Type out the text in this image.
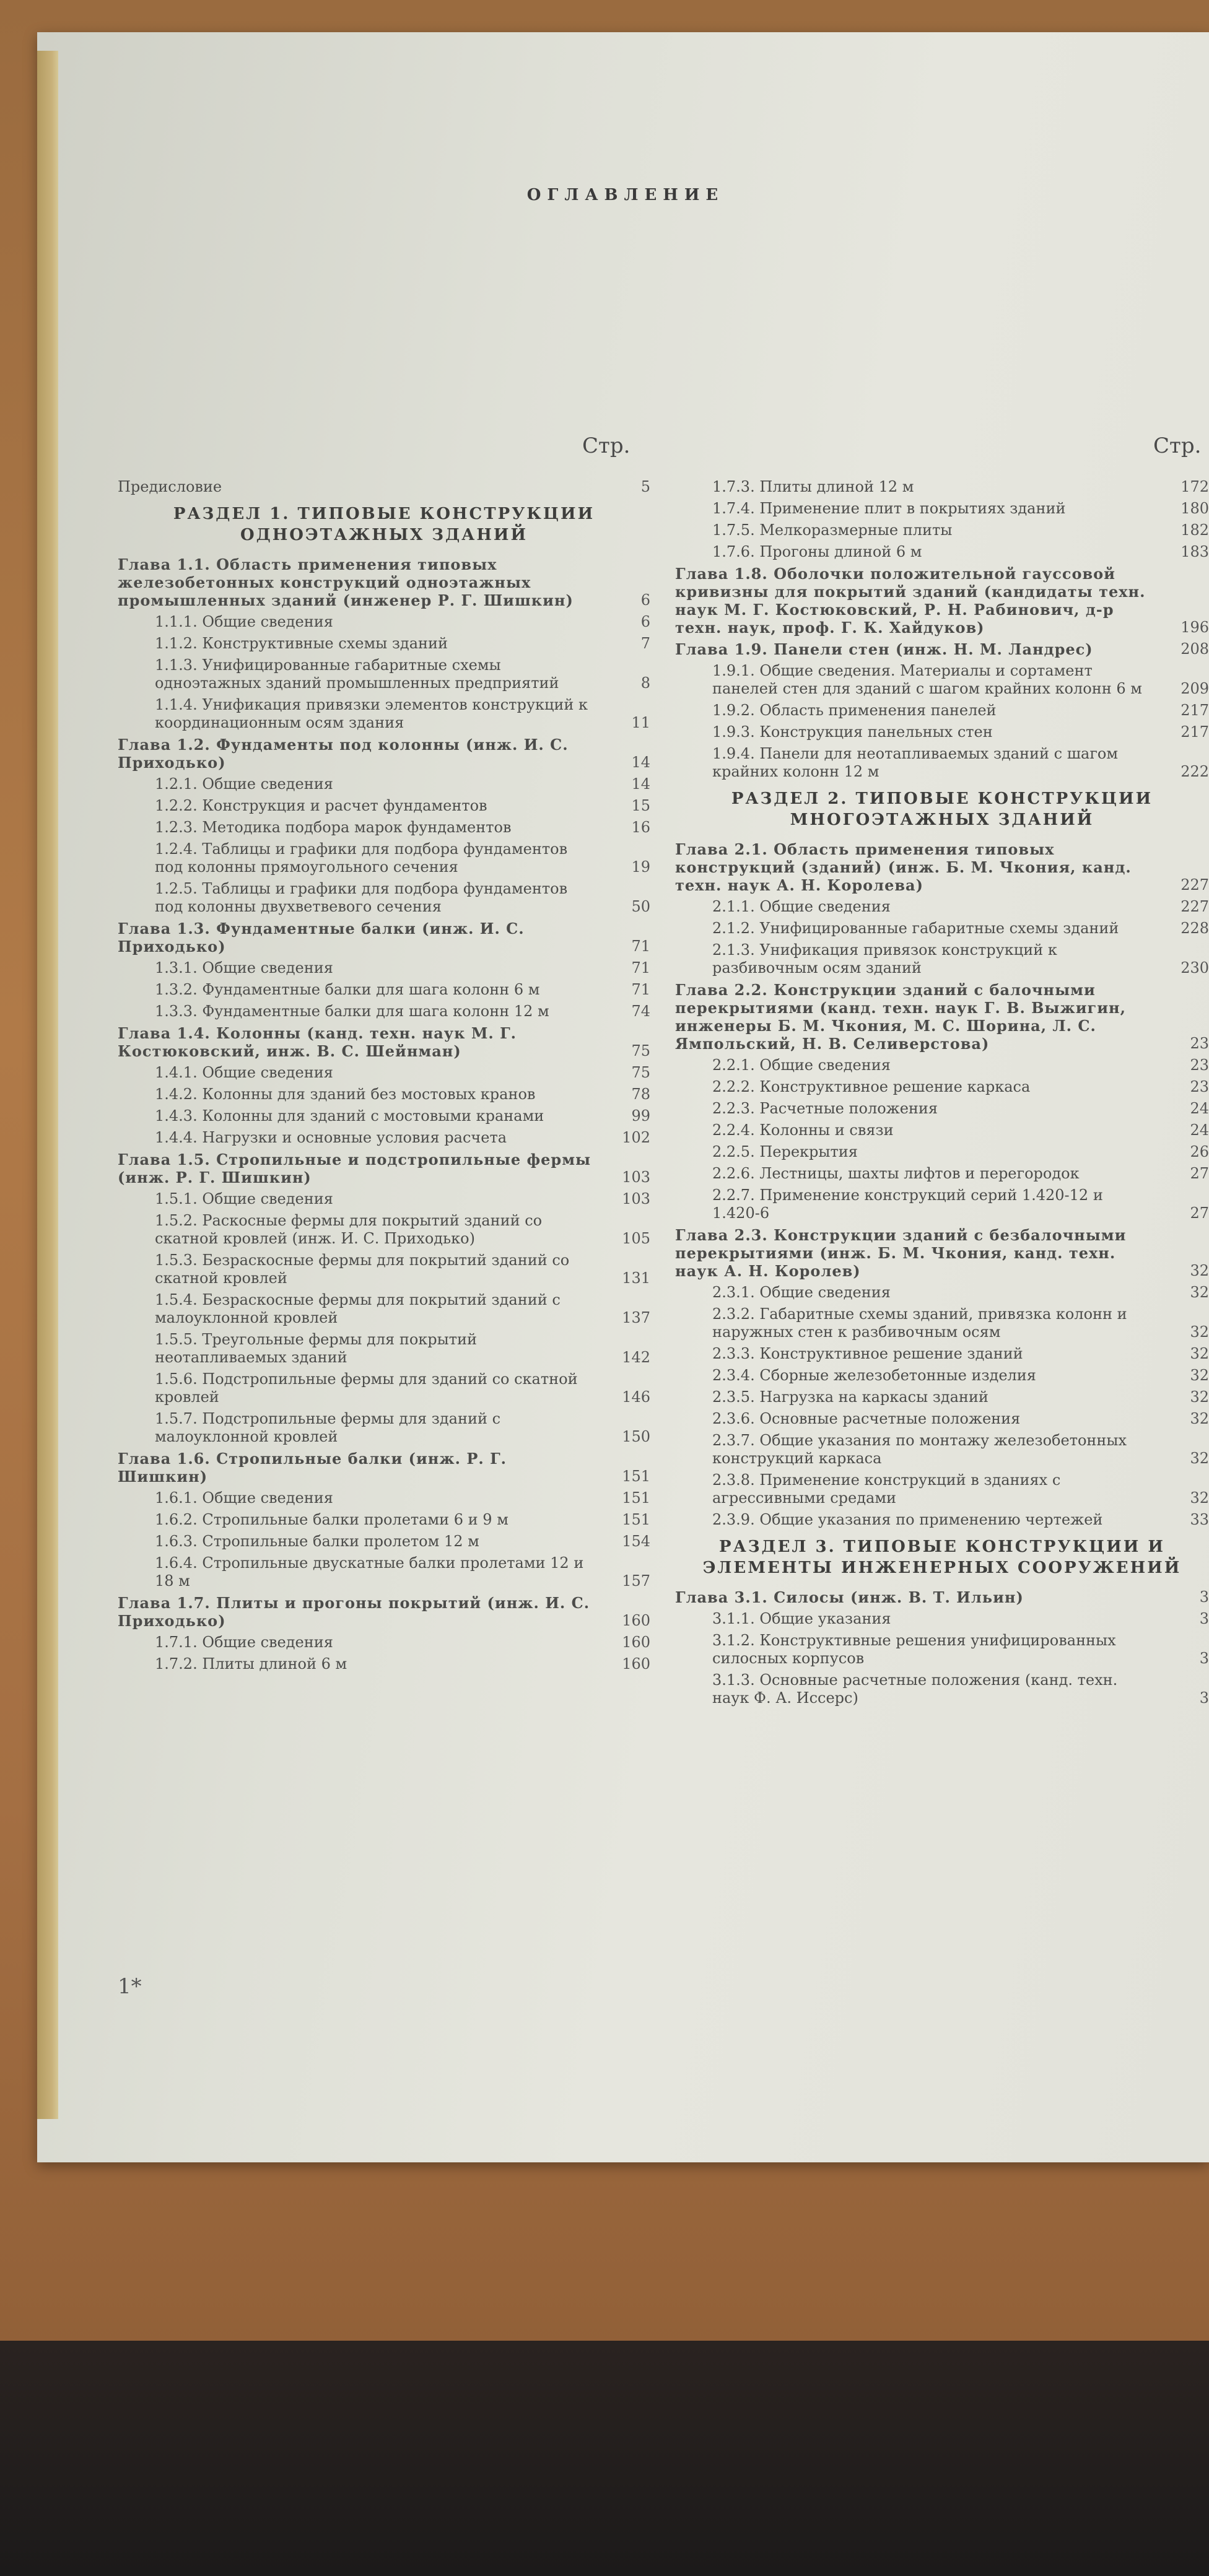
ОГЛАВЛЕНИЕ
Стр.	Стр.
Предисловие	5
РАЗДЕЛ 1. ТИПОВЫЕ КОНСТРУКЦИИ ОДНОЭТАЖНЫХ ЗДАНИЙ
Глава 1.1. Область применения типовых железобетонных конструкций одноэтажных промышленных зданий (инженер Р. Г. Шишкин)	6
1.1.1. Общие сведения	6
1.1.2. Конструктивные схемы зданий	7
1.1.3. Унифицированные габаритные схемы одноэтажных зданий промышленных предприятий	8
1.1.4. Унификация привязки элементов конструкций к координационным осям здания	11
Глава 1.2. Фундаменты под колонны (инж. И. С. Приходько)	14
1.2.1. Общие сведения	14
1.2.2. Конструкция и расчет фундаментов	15
1.2.3. Методика подбора марок фундаментов	16
1.2.4. Таблицы и графики для подбора фундаментов под колонны прямоугольного сечения	19
1.2.5. Таблицы и графики для подбора фундаментов под колонны двухветвевого сечения	50
Глава 1.3. Фундаментные балки (инж. И. С. Приходько)	71
1.3.1. Общие сведения	71
1.3.2. Фундаментные балки для шага колонн 6 м	71
1.3.3. Фундаментные балки для шага колонн 12 м	74
Глава 1.4. Колонны (канд. техн. наук М. Г. Костюковский, инж. В. С. Шейнман)	75
1.4.1. Общие сведения	75
1.4.2. Колонны для зданий без мостовых кранов	78
1.4.3. Колонны для зданий с мостовыми кранами	99
1.4.4. Нагрузки и основные условия расчета	102
Глава 1.5. Стропильные и подстропильные фермы (инж. Р. Г. Шишкин)	103
1.5.1. Общие сведения	103
1.5.2. Раскосные фермы для покрытий зданий со скатной кровлей (инж. И. С. Приходько)	105
1.5.3. Безраскосные фермы для покрытий зданий со скатной кровлей	131
1.5.4. Безраскосные фермы для покрытий зданий с малоуклонной кровлей	137
1.5.5. Треугольные фермы для покрытий неотапливаемых зданий	142
1.5.6. Подстропильные фермы для зданий со скатной кровлей	146
1.5.7. Подстропильные фермы для зданий с малоуклонной кровлей	150
Глава 1.6. Стропильные балки (инж. Р. Г. Шишкин)	151
1.6.1. Общие сведения	151
1.6.2. Стропильные балки пролетами 6 и 9 м	151
1.6.3. Стропильные балки пролетом 12 м	154
1.6.4. Стропильные двускатные балки пролетами 12 и 18 м	157
Глава 1.7. Плиты и прогоны покрытий (инж. И. С. Приходько)	160
1.7.1. Общие сведения	160
1.7.2. Плиты длиной 6 м	160
1.7.3. Плиты длиной 12 м	172
1.7.4. Применение плит в покрытиях зданий	180
1.7.5. Мелкоразмерные плиты	182
1.7.6. Прогоны длиной 6 м	183
Глава 1.8. Оболочки положительной гауссовой кривизны для покрытий зданий (кандидаты техн. наук М. Г. Костюковский, Р. Н. Рабинович, д-р техн. наук, проф. Г. К. Хайдуков)	196
Глава 1.9. Панели стен (инж. Н. М. Ландрес)	208
1.9.1. Общие сведения. Материалы и сортамент панелей стен для зданий с шагом крайних колонн 6 м	209
1.9.2. Область применения панелей	217
1.9.3. Конструкция панельных стен	217
1.9.4. Панели для неотапливаемых зданий с шагом крайних колонн 12 м	222
РАЗДЕЛ 2. ТИПОВЫЕ КОНСТРУКЦИИ МНОГОЭТАЖНЫХ ЗДАНИЙ
Глава 2.1. Область применения типовых конструкций (зданий) (инж. Б. М. Чкония, канд. техн. наук А. Н. Королева)	227
2.1.1. Общие сведения	227
2.1.2. Унифицированные габаритные схемы зданий	228
2.1.3. Унификация привязок конструкций к разбивочным осям зданий	230
Глава 2.2. Конструкции зданий с балочными перекрытиями (канд. техн. наук Г. В. Выжигин, инженеры Б. М. Чкония, М. С. Шорина, Л. С. Ямпольский, Н. В. Селиверстова)	23
2.2.1. Общие сведения	23
2.2.2. Конструктивное решение каркаса	23
2.2.3. Расчетные положения	24
2.2.4. Колонны и связи	24
2.2.5. Перекрытия	26
2.2.6. Лестницы, шахты лифтов и перегородок	27
2.2.7. Применение конструкций серий 1.420-12 и 1.420-6	27
Глава 2.3. Конструкции зданий с безбалочными перекрытиями (инж. Б. М. Чкония, канд. техн. наук А. Н. Королев)	32
2.3.1. Общие сведения	32
2.3.2. Габаритные схемы зданий, привязка колонн и наружных стен к разбивочным осям	32
2.3.3. Конструктивное решение зданий	32
2.3.4. Сборные железобетонные изделия	32
2.3.5. Нагрузка на каркасы зданий	32
2.3.6. Основные расчетные положения	32
2.3.7. Общие указания по монтажу железобетонных конструкций каркаса	32
2.3.8. Применение конструкций в зданиях с агрессивными средами	32
2.3.9. Общие указания по применению чертежей	33
РАЗДЕЛ 3. ТИПОВЫЕ КОНСТРУКЦИИ И ЭЛЕМЕНТЫ ИНЖЕНЕРНЫХ СООРУЖЕНИЙ
Глава 3.1. Силосы (инж. В. Т. Ильин)	3
3.1.1. Общие указания	3
3.1.2. Конструктивные решения унифицированных силосных корпусов	3
3.1.3. Основные расчетные положения (канд. техн. наук Ф. А. Иссерс)	3
1*
